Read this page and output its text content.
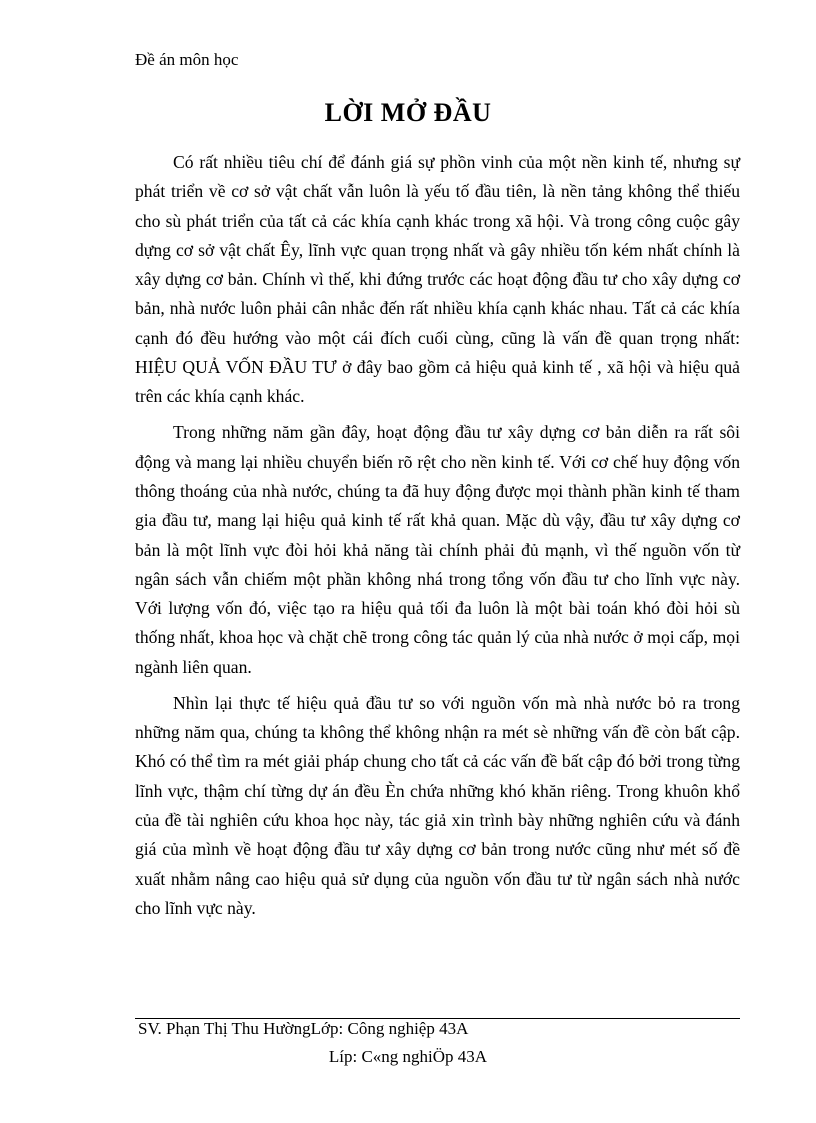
Đề án môn học
LỜI MỞ ĐẦU

Có rất nhiều tiêu chí để đánh giá sự phồn vinh của một nền kinh tế, nhưng sự phát triển về cơ sở vật chất vẫn luôn là yếu tố đầu tiên, là nền tảng không thể thiếu cho sù phát triển của tất cả các khía cạnh khác trong xã hội. Và trong công cuộc gây dựng cơ sở vật chất Êy, lĩnh vực quan trọng nhất và gây nhiều tốn kém nhất chính là xây dựng cơ bản. Chính vì thế, khi đứng trước các hoạt động đầu tư cho xây dựng cơ bản, nhà nước luôn phải cân nhắc đến rất nhiều khía cạnh khác nhau. Tất cả các khía cạnh đó đều hướng vào một cái đích cuối cùng, cũng là vấn đề quan trọng nhất: HIỆU QUẢ VỐN ĐẦU TƯ ở đây bao gồm cả hiệu quả kinh tế , xã hội và hiệu quả trên các khía cạnh khác.

Trong những năm gần đây, hoạt động đầu tư xây dựng cơ bản diễn ra rất sôi động và mang lại nhiều chuyển biến rõ rệt cho nền kinh tế. Với cơ chế huy động vốn thông thoáng của nhà nước, chúng ta đã huy động được mọi thành phần kinh tế tham gia đầu tư, mang lại hiệu quả kinh tế rất khả quan. Mặc dù vậy, đầu tư xây dựng cơ bản là một lĩnh vực đòi hỏi khả năng tài chính phải đủ mạnh, vì thế nguồn vốn từ ngân sách vẫn chiếm một phần không nhá trong tổng vốn đầu tư cho lĩnh vực này. Với lượng vốn đó, việc tạo ra hiệu quả tối đa luôn là một bài toán khó đòi hỏi sù thống nhất, khoa học và chặt chẽ trong công tác quản lý của nhà nước ở mọi cấp, mọi ngành liên quan.

Nhìn lại thực tế hiệu quả đầu tư so với nguồn vốn mà nhà nước bỏ ra trong những năm qua, chúng ta không thể không nhận ra mét sè những vấn đề còn bất cập. Khó có thể tìm ra mét giải pháp chung cho tất cả các vấn đề bất cập đó bởi trong từng lĩnh vực, thậm chí từng dự án đều Èn chứa những khó khăn riêng. Trong khuôn khổ của đề tài nghiên cứu khoa học này, tác giả xin trình bày những nghiên cứu và đánh giá của mình về hoạt động đầu tư xây dựng cơ bản trong nước cũng như mét số đề xuất nhằm nâng cao hiệu quả sử dụng của nguồn vốn đầu tư từ ngân sách nhà nước cho lĩnh vực này.

SV. Phạn Thị Thu HườngLớp: Công nghiệp 43A
Líp: C«ng nghiÖp 43A
